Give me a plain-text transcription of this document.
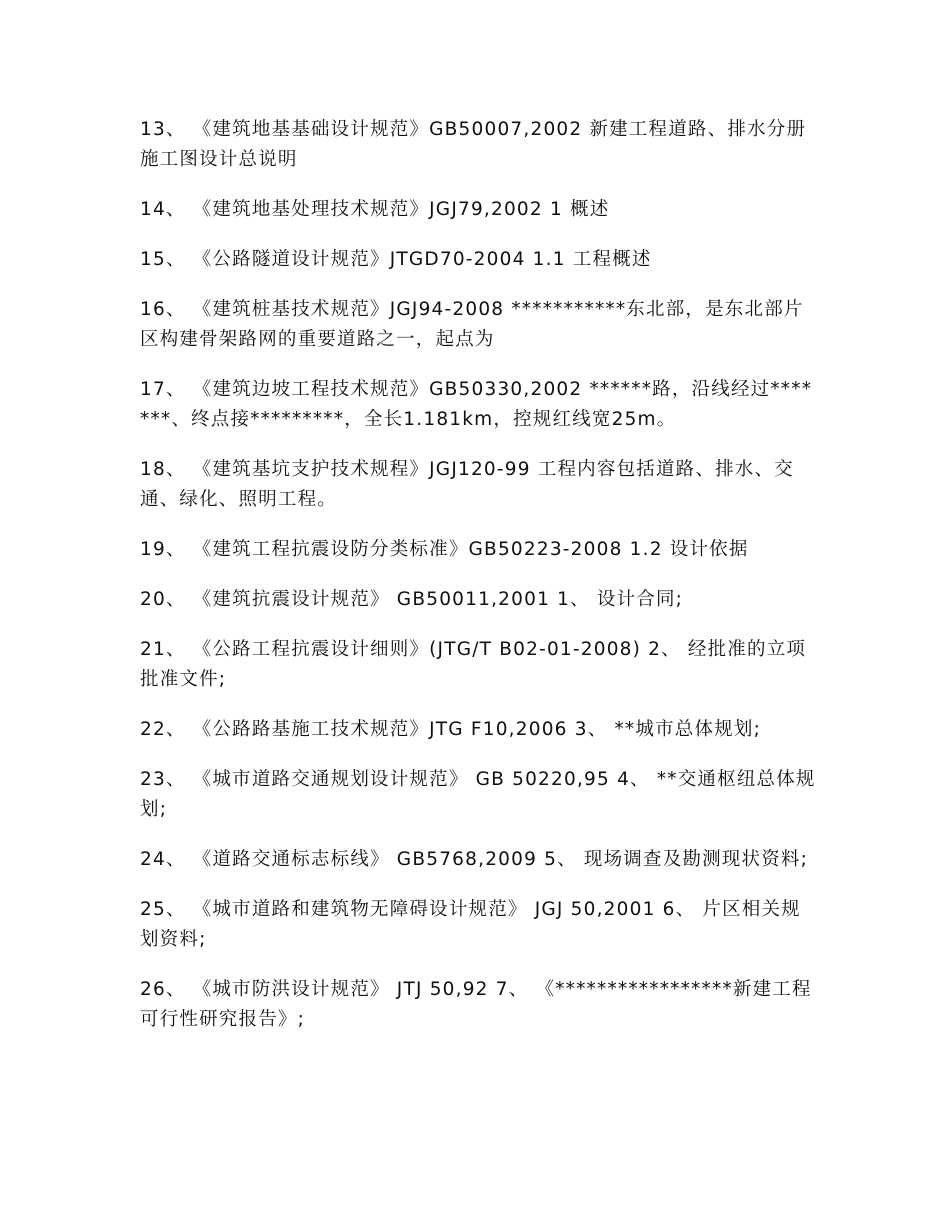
13、 《建筑地基基础设计规范》GB50007,2002 新建工程道路、排水分册施工图设计总说明

14、 《建筑地基处理技术规范》JGJ79,2002 1 概述

15、 《公路隧道设计规范》JTGD70-2004 1.1 工程概述

16、 《建筑桩基技术规范》JGJ94-2008 ***********东北部，是东北部片区构建骨架路网的重要道路之一，起点为

17、 《建筑边坡工程技术规范》GB50330,2002 ******路，沿线经过*******、终点接*********，全长1.181km，控规红线宽25m。

18、 《建筑基坑支护技术规程》JGJ120-99 工程内容包括道路、排水、交通、绿化、照明工程。

19、 《建筑工程抗震设防分类标准》GB50223-2008 1.2 设计依据

20、 《建筑抗震设计规范》 GB50011,2001 1、 设计合同;

21、 《公路工程抗震设计细则》(JTG/T B02-01-2008) 2、 经批准的立项批准文件;

22、 《公路路基施工技术规范》JTG F10,2006 3、 **城市总体规划;

23、 《城市道路交通规划设计规范》 GB 50220,95 4、 **交通枢纽总体规划;

24、 《道路交通标志标线》 GB5768,2009 5、 现场调查及勘测现状资料;

25、 《城市道路和建筑物无障碍设计规范》 JGJ 50,2001 6、 片区相关规划资料;

26、 《城市防洪设计规范》 JTJ 50,92 7、 《*****************新建工程可行性研究报告》;
